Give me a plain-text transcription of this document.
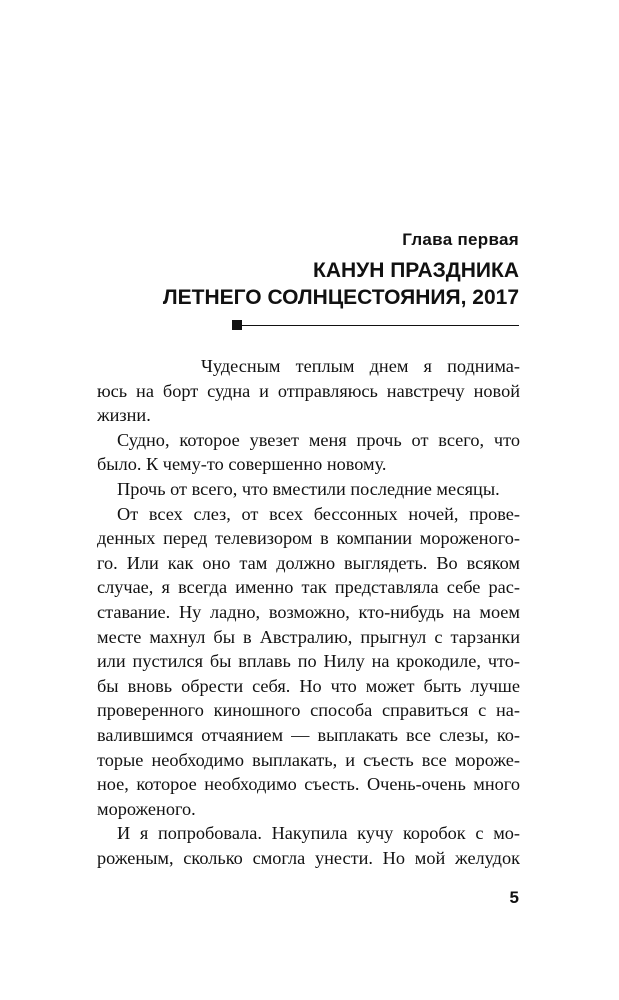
Глава первая
КАНУН ПРАЗДНИКА
ЛЕТНЕГО СОЛНЦЕСТОЯНИЯ, 2017
Чудесным теплым днем я поднима-
юсь на борт судна и отправляюсь навстречу новой
жизни.
Судно, которое увезет меня прочь от всего, что
было. К чему-то совершенно новому.
Прочь от всего, что вместили последние месяцы.
От всех слез, от всех бессонных ночей, прове-
денных перед телевизором в компании мороженого-
го. Или как оно там должно выглядеть. Во всяком
случае, я всегда именно так представляла себе рас-
ставание. Ну ладно, возможно, кто-нибудь на моем
месте махнул бы в Австралию, прыгнул с тарзанки
или пустился бы вплавь по Нилу на крокодиле, что-
бы вновь обрести себя. Но что может быть лучше
проверенного киношного способа справиться с на-
валившимся отчаянием — выплакать все слезы, ко-
торые необходимо выплакать, и съесть все мороже-
ное, которое необходимо съесть. Очень-очень много
мороженого.
И я попробовала. Накупила кучу коробок с мо-
роженым, сколько смогла унести. Но мой желудок
5
